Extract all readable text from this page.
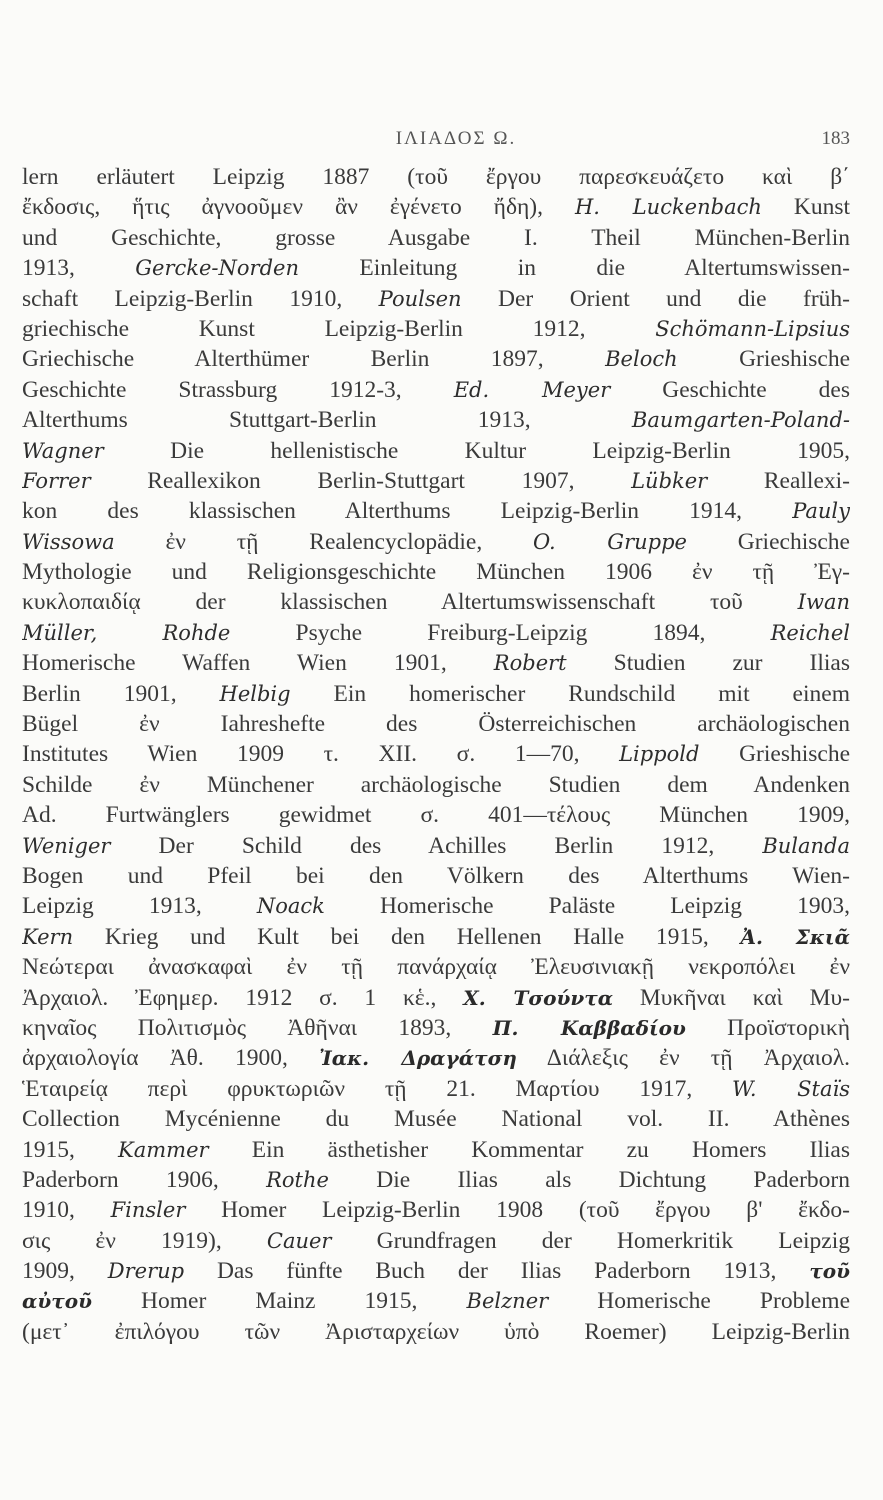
ΙΛΙΑΔΟΣ Ω.	183
lern erläutert Leipzig 1887 (τοῦ ἔργου παρεσκευάζετο καὶ β΄
ἔκδοσις, ἥτις ἀγνοοῦμεν ἂν ἐγένετο ἤδη), H. Luckenbach Kunst
und Geschichte, grosse Ausgabe I. Theil München-Berlin
1913, Gercke-Norden Einleitung in die Altertumswissen-
schaft Leipzig-Berlin 1910, Poulsen Der Orient und die früh-
griechische Kunst Leipzig-Berlin 1912, Schömann-Lipsius
Griechische Alterthümer Berlin 1897, Beloch Grieshische
Geschichte Strassburg 1912-3, Ed. Meyer Geschichte des
Alterthums Stuttgart-Berlin 1913, Baumgarten-Poland-
Wagner Die hellenistische Kultur Leipzig-Berlin 1905,
Forrer Reallexikon Berlin-Stuttgart 1907, Lübker Reallexi-
kon des klassischen Alterthums Leipzig-Berlin 1914, Pauly
Wissowa ἐν τῇ Realencyclopädie, O. Gruppe Griechische
Mythologie und Religionsgeschichte München 1906 ἐν τῇ Ἐγ-
κυκλοπαιδίᾳ der klassischen Altertumswissenschaft τοῦ Iwan
Müller,	Rohde Psyche Freiburg-Leipzig 1894, Reichel
Homerische Waffen Wien 1901, Robert Studien zur Ilias
Berlin 1901, Helbig Ein homerischer Rundschild mit einem
Bügel ἐν Iahreshefte des Österreichischen archäologischen
Institutes Wien 1909 τ. XII. σ. 1—70, Lippold Grieshische
Schilde ἐν Münchener archäologische Studien dem Andenken
Ad. Furtwänglers gewidmet σ. 401—τέλους München 1909,
Weniger Der Schild des Achilles Berlin 1912, Bulanda
Bogen und Pfeil bei den Völkern des Alterthums Wien-
Leipzig 1913, Noack Homerische Paläste Leipzig 1903,
Kern Krieg und Kult bei den Hellenen Halle 1915, Ἀ. Σκιᾶ
Νεώτεραι ἀνασκαφαὶ ἐν τῇ πανάρχαίᾳ Ἐλευσινιακῇ νεκροπόλει ἐν
Ἀρχαιολ. Ἐφημερ. 1912 σ. 1 κἑ., Χ. Τσούντα Μυκῆναι καὶ Μυ-
κηναῖος Πολιτισμὸς Ἀθῆναι 1893, Π. Καββαδίου Προϊστορικὴ
ἀρχαιολογία Ἀθ. 1900, Ἰακ. Δραγάτση Διάλεξις ἐν τῇ Ἀρχαιολ.
Ἑταιρείᾳ περὶ φρυκτωριῶν τῇ 21. Μαρτίου 1917, W. Staïs
Collection Mycénienne du Musée National vol. II. Athènes
1915, Kammer Ein ästhetisher Kommentar zu Homers Ilias
Paderborn 1906, Rothe Die Ilias als Dichtung Paderborn
1910, Finsler Homer Leipzig-Berlin 1908 (τοῦ ἔργου β' ἔκδο-
σις ἐν 1919), Cauer Grundfragen der Homerkritik Leipzig
1909, Drerup Das fünfte Buch der Ilias Paderborn 1913, τοῦ
αὐτοῦ Homer Mainz 1915, Belzner Homerische Probleme
(μετ᾽ ἐπιλόγου τῶν Ἀρισταρχείων ὑπὸ Roemer) Leipzig-Berlin
